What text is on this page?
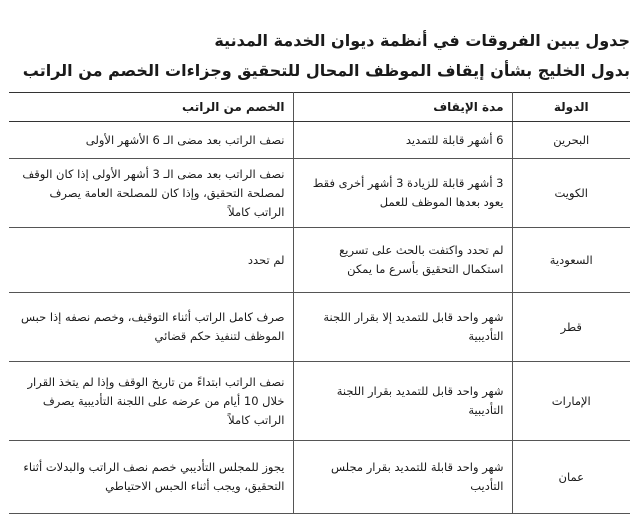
جدول يبين الفروقات في أنظمة ديوان الخدمة المدنية
بدول الخليج بشأن إيقاف الموظف المحال للتحقيق وجزاءات الخصم من الراتب
الدولة	مدة الإيقاف	الخصم من الراتب
البحرين	6 أشهر قابلة للتمديد	نصف الراتب بعد مضى الـ 6 الأشهر الأولى
الكويت	3 أشهر قابلة للزيادة 3 أشهر أخرى فقط يعود بعدها الموظف للعمل	نصف الراتب بعد مضى الـ 3 أشهر الأولى إذا كان الوقف لمصلحة التحقيق، وإذا كان للمصلحة العامة يصرف الراتب كاملاً
السعودية	لم تحدد واكتفت بالحث على تسريع استكمال التحقيق بأسرع ما يمكن	لم تحدد
قطر	شهر واحد قابل للتمديد إلا بقرار اللجنة التأديبية	صرف كامل الراتب أثناء التوقيف، وخصم نصفه إذا حبس الموظف لتنفيذ حكم قضائي
الإمارات	شهر واحد قابل للتمديد بقرار اللجنة التأديبية	نصف الراتب ابتداءً من تاريخ الوقف وإذا لم يتخذ القرار خلال 10 أيام من عرضه على اللجنة التأديبية يصرف الراتب كاملاً
عمان	شهر واحد قابلة للتمديد بقرار مجلس التأديب	يجوز للمجلس التأديبي خصم نصف الراتب والبدلات أثناء التحقيق، ويجب أثناء الحبس الاحتياطي
